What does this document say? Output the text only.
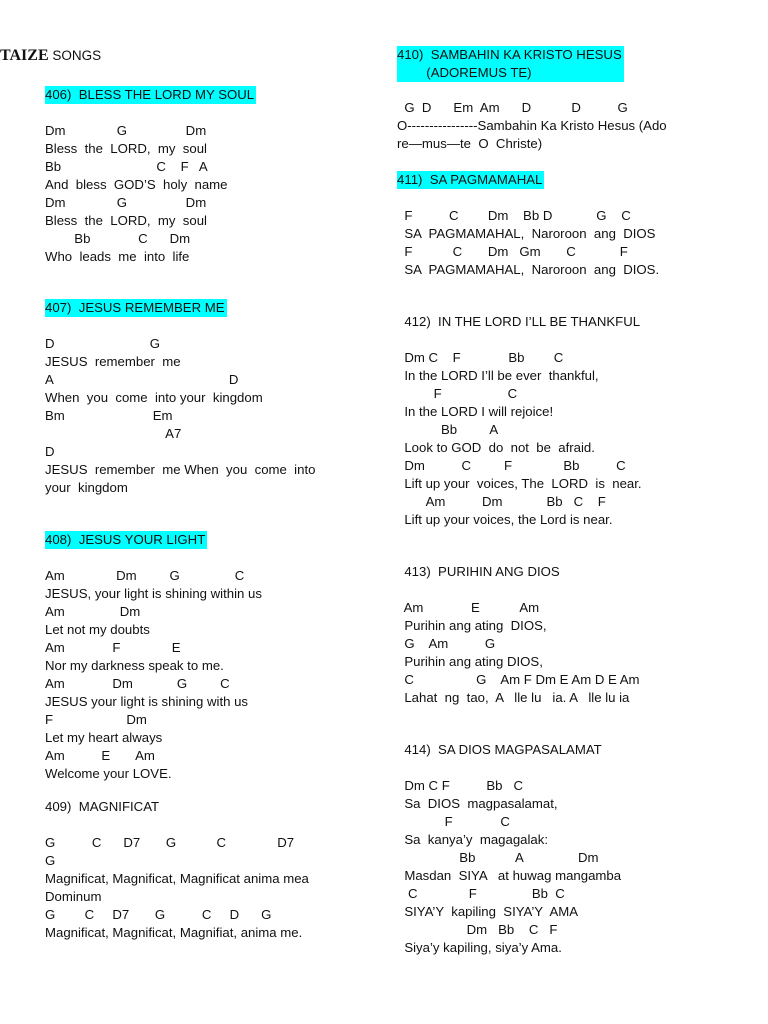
TAIZE SONGS
406)  BLESS THE LORD MY SOUL
Dm              G                Dm
Bless  the  LORD,  my  soul
Bb                          C    F   A
And  bless  GOD’S  holy  name
Dm              G                Dm
Bless  the  LORD,  my  soul
Bb             C      Dm
Who  leads  me  into  life
407)  JESUS REMEMBER ME
D                          G
JESUS  remember  me
A                                                D
When  you  come  into your  kingdom
Bm                        Em
A7
D
JESUS  remember  me When  you  come  into
your  kingdom
408)  JESUS YOUR LIGHT
Am              Dm         G               C
JESUS, your light is shining within us
Am               Dm
Let not my doubts
Am             F              E
Nor my darkness speak to me.
Am             Dm            G         C
JESUS your light is shining with us
F                    Dm
Let my heart always
Am          E       Am
Welcome your LOVE.
409)  MAGNIFICAT
G          C      D7       G           C              D7
G
Magnificat, Magnificat, Magnificat anima mea
Dominum
G        C     D7       G          C     D      G
Magnificat, Magnificat, Magnifiat, anima me.
410)  SAMBAHIN KA KRISTO HESUS
(ADOREMUS TE)
G  D      Em  Am      D           D          G
O----------------Sambahin Ka Kristo Hesus (Ado
re—mus—te  O  Christe)
411)  SA PAGMAMAHAL
F          C        Dm    Bb D            G    C
SA  PAGMAMAHAL,  Naroroon  ang  DIOS
F           C       Dm   Gm       C            F
SA  PAGMAMAHAL,  Naroroon  ang  DIOS.
412)  IN THE LORD I’LL BE THANKFUL
Dm C    F             Bb        C
In the LORD I’ll be ever  thankful,
F                  C
In the LORD I will rejoice!
Bb         A
Look to GOD  do  not  be  afraid.
Dm          C         F              Bb          C
Lift up your  voices, The  LORD  is  near.
Am          Dm            Bb   C    F
Lift up your voices, the Lord is near.
413)  PURIHIN ANG DIOS
Am             E           Am
Purihin ang ating  DIOS,
G    Am          G
Purihin ang ating DIOS,
C                 G    Am F Dm E Am D E Am
Lahat  ng  tao,  A   lle lu   ia. A   lle lu ia
414)  SA DIOS MAGPASALAMAT
Dm C F          Bb   C
Sa  DIOS  magpasalamat,
F             C
Sa  kanya’y  magagalak:
Bb           A               Dm
Masdan  SIYA   at huwag mangamba
C              F               Bb  C
SIYA’Y  kapiling  SIYA’Y  AMA
Dm   Bb    C   F
Siya’y kapiling, siya’y Ama.
